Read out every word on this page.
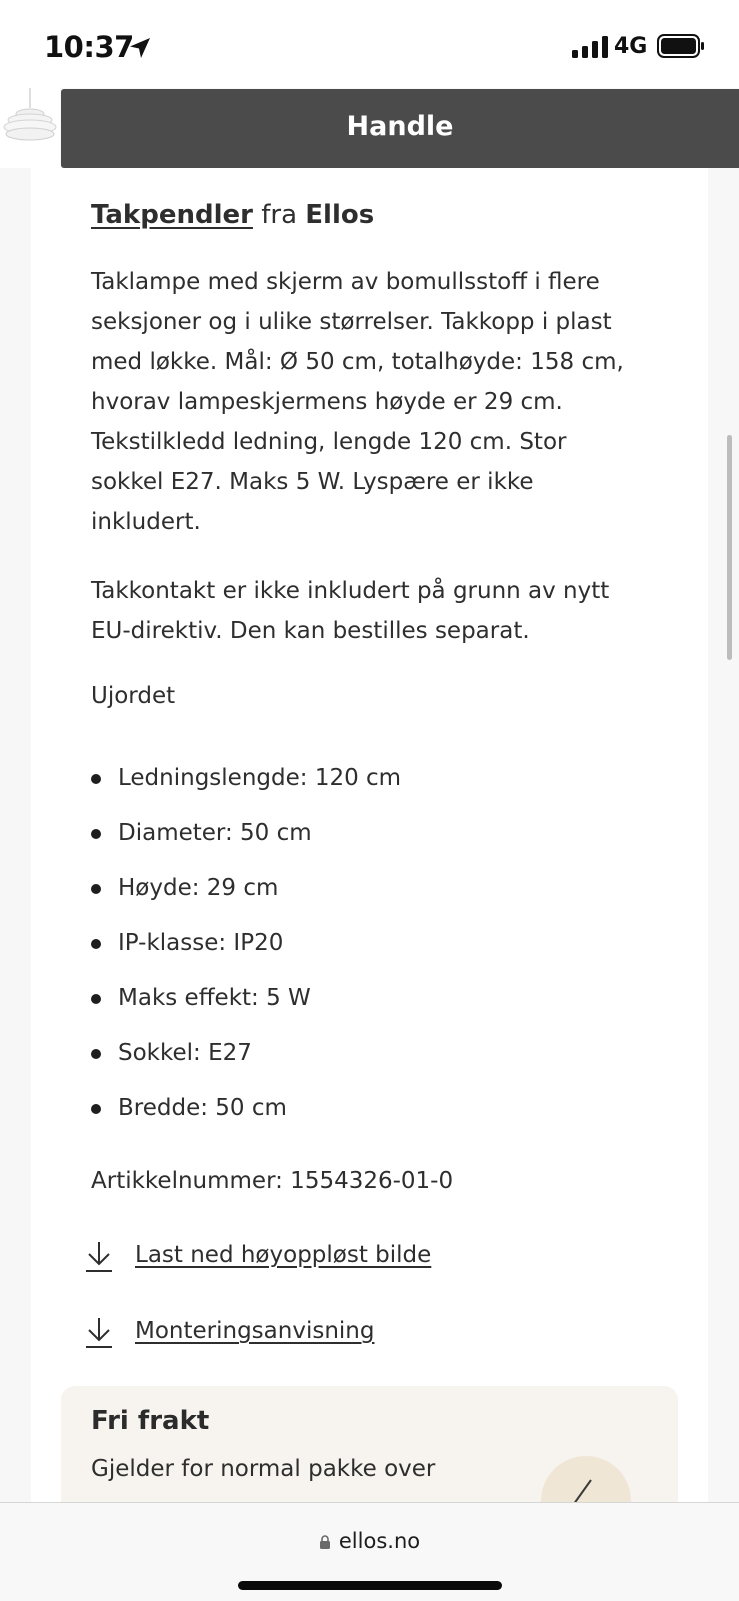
10:37	4G
Handle
Takpendler fra Ellos
Taklampe med skjerm av bomullsstoff i flere
seksjoner og i ulike størrelser. Takkopp i plast
med løkke. Mål: Ø 50 cm, totalhøyde: 158 cm,
hvorav lampeskjermens høyde er 29 cm.
Tekstilkledd ledning, lengde 120 cm. Stor
sokkel E27. Maks 5 W. Lyspære er ikke
inkludert.
Takkontakt er ikke inkludert på grunn av nytt
EU-direktiv. Den kan bestilles separat.
Ujordet
Ledningslengde: 120 cm
Diameter: 50 cm
Høyde: 29 cm
IP-klasse: IP20
Maks effekt: 5 W
Sokkel: E27
Bredde: 50 cm
Artikkelnummer: 1554326-01-0
Last ned høyoppløst bilde
Monteringsanvisning
Fri frakt
Gjelder for normal pakke over
ellos.no
